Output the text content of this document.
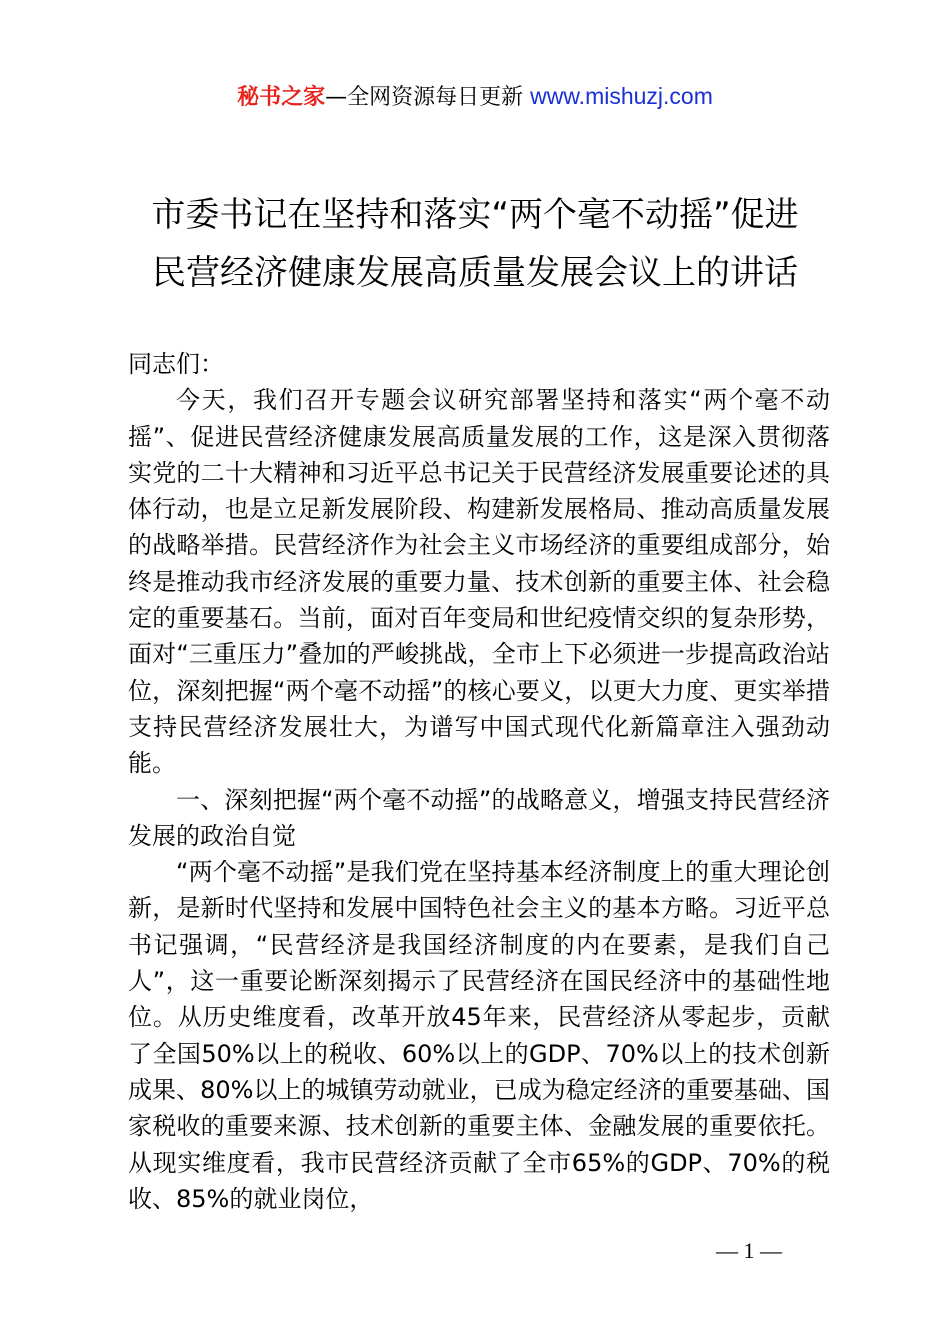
秘书之家—全网资源每日更新 www.mishuzj.com
市委书记在坚持和落实“两个毫不动摇”促进
民营经济健康发展高质量发展会议上的讲话

同志们：

今天，我们召开专题会议研究部署坚持和落实“两个毫不动摇”、促进民营经济健康发展高质量发展的工作，这是深入贯彻落实党的二十大精神和习近平总书记关于民营经济发展重要论述的具体行动，也是立足新发展阶段、构建新发展格局、推动高质量发展的战略举措。民营经济作为社会主义市场经济的重要组成部分，始终是推动我市经济发展的重要力量、技术创新的重要主体、社会稳定的重要基石。当前，面对百年变局和世纪疫情交织的复杂形势，面对“三重压力”叠加的严峻挑战，全市上下必须进一步提高政治站位，深刻把握“两个毫不动摇”的核心要义，以更大力度、更实举措支持民营经济发展壮大，为谱写中国式现代化新篇章注入强劲动能。

一、深刻把握“两个毫不动摇”的战略意义，增强支持民营经济发展的政治自觉

“两个毫不动摇”是我们党在坚持基本经济制度上的重大理论创新，是新时代坚持和发展中国特色社会主义的基本方略。习近平总书记强调，“民营经济是我国经济制度的内在要素，是我们自己人”，这一重要论断深刻揭示了民营经济在国民经济中的基础性地位。从历史维度看，改革开放45年来，民营经济从零起步，贡献了全国50%以上的税收、60%以上的GDP、70%以上的技术创新成果、80%以上的城镇劳动就业，已成为稳定经济的重要基础、国家税收的重要来源、技术创新的重要主体、金融发展的重要依托。从现实维度看，我市民营经济贡献了全市65%的GDP、70%的税收、85%的就业岗位，

— 1 —
